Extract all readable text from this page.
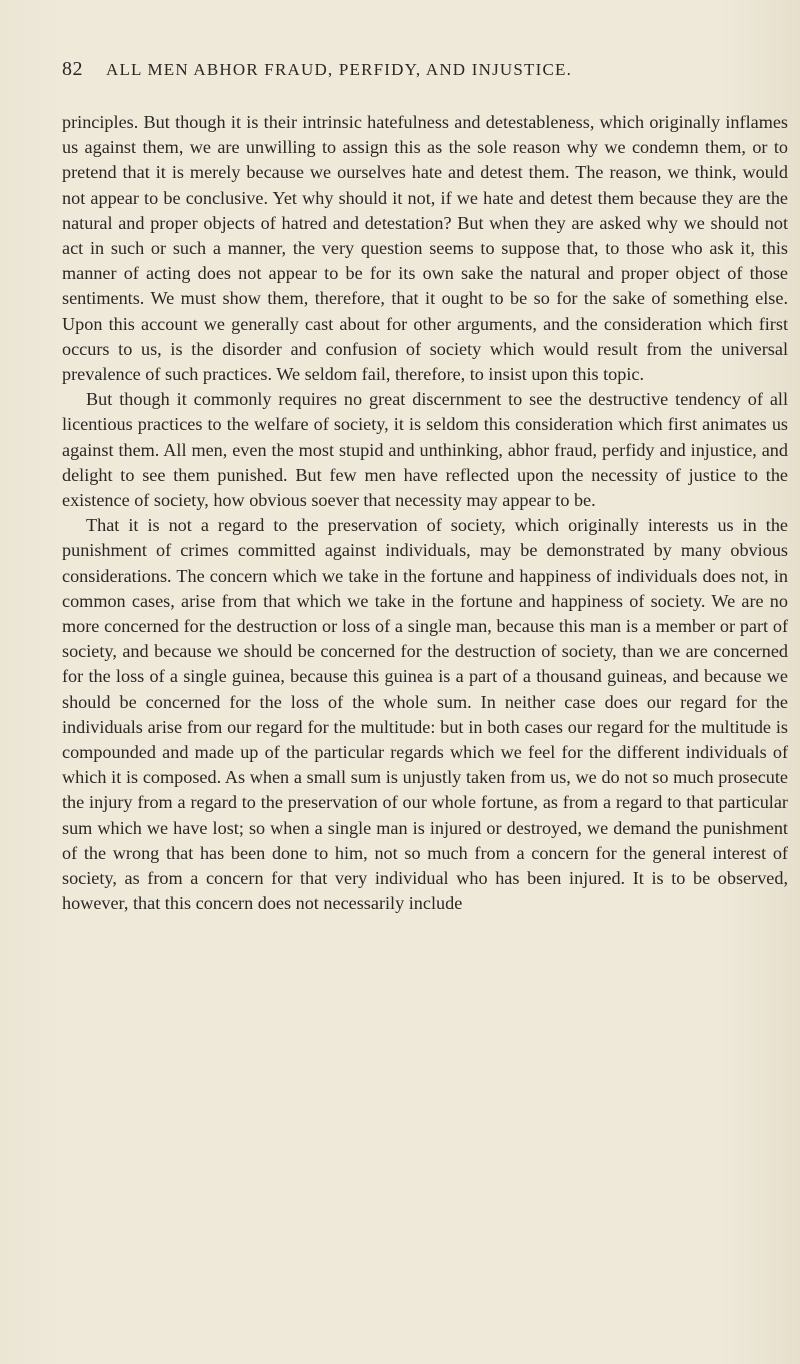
82 ALL MEN ABHOR FRAUD, PERFIDY, AND INJUSTICE.

principles. But though it is their intrinsic hatefulness and detestableness, which originally inflames us against them, we are unwilling to assign this as the sole reason why we condemn them, or to pretend that it is merely because we ourselves hate and detest them. The reason, we think, would not appear to be conclusive. Yet why should it not, if we hate and detest them because they are the natural and proper objects of hatred and detestation? But when they are asked why we should not act in such or such a manner, the very question seems to suppose that, to those who ask it, this manner of acting does not appear to be for its own sake the natural and proper object of those sentiments. We must show them, therefore, that it ought to be so for the sake of something else. Upon this account we generally cast about for other arguments, and the consideration which first occurs to us, is the disorder and confusion of society which would result from the universal prevalence of such practices. We seldom fail, therefore, to insist upon this topic.

But though it commonly requires no great discernment to see the destructive tendency of all licentious practices to the welfare of society, it is seldom this consideration which first animates us against them. All men, even the most stupid and unthinking, abhor fraud, perfidy and injustice, and delight to see them punished. But few men have reflected upon the necessity of justice to the existence of society, how obvious soever that necessity may appear to be.

That it is not a regard to the preservation of society, which originally interests us in the punishment of crimes committed against individuals, may be demonstrated by many obvious considerations. The concern which we take in the fortune and happiness of individuals does not, in common cases, arise from that which we take in the fortune and happiness of society. We are no more concerned for the destruction or loss of a single man, because this man is a member or part of society, and because we should be concerned for the destruction of society, than we are concerned for the loss of a single guinea, because this guinea is a part of a thousand guineas, and because we should be concerned for the loss of the whole sum. In neither case does our regard for the individuals arise from our regard for the multitude: but in both cases our regard for the multitude is compounded and made up of the particular regards which we feel for the different individuals of which it is composed. As when a small sum is unjustly taken from us, we do not so much prosecute the injury from a regard to the preservation of our whole fortune, as from a regard to that particular sum which we have lost; so when a single man is injured or destroyed, we demand the punishment of the wrong that has been done to him, not so much from a concern for the general interest of society, as from a concern for that very individual who has been injured. It is to be observed, however, that this concern does not necessarily include
